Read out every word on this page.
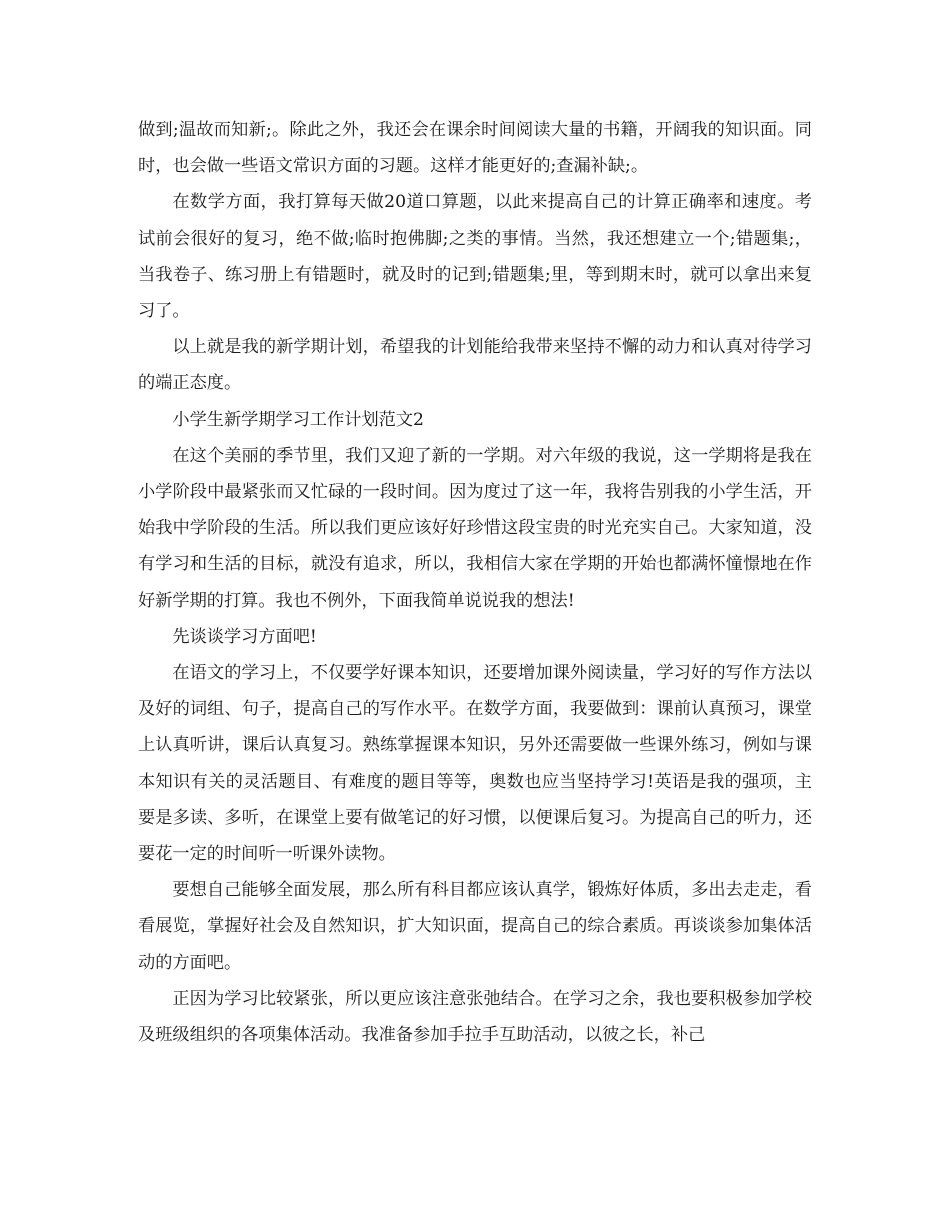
做到;温故而知新;。除此之外，我还会在课余时间阅读大量的书籍，开阔我的知识面。同时，也会做一些语文常识方面的习题。这样才能更好的;查漏补缺;。

在数学方面，我打算每天做20道口算题，以此来提高自己的计算正确率和速度。考试前会很好的复习，绝不做;临时抱佛脚;之类的事情。当然，我还想建立一个;错题集;，当我卷子、练习册上有错题时，就及时的记到;错题集;里，等到期末时，就可以拿出来复习了。

以上就是我的新学期计划，希望我的计划能给我带来坚持不懈的动力和认真对待学习的端正态度。

小学生新学期学习工作计划范文2

在这个美丽的季节里，我们又迎了新的一学期。对六年级的我说，这一学期将是我在小学阶段中最紧张而又忙碌的一段时间。因为度过了这一年，我将告别我的小学生活，开始我中学阶段的生活。所以我们更应该好好珍惜这段宝贵的时光充实自己。大家知道，没有学习和生活的目标，就没有追求，所以，我相信大家在学期的开始也都满怀憧憬地在作好新学期的打算。我也不例外，下面我简单说说我的想法!

先谈谈学习方面吧!

在语文的学习上，不仅要学好课本知识，还要增加课外阅读量，学习好的写作方法以及好的词组、句子，提高自己的写作水平。在数学方面，我要做到：课前认真预习，课堂上认真听讲，课后认真复习。熟练掌握课本知识，另外还需要做一些课外练习，例如与课本知识有关的灵活题目、有难度的题目等等，奥数也应当坚持学习!英语是我的强项，主要是多读、多听，在课堂上要有做笔记的好习惯，以便课后复习。为提高自己的听力，还要花一定的时间听一听课外读物。

要想自己能够全面发展，那么所有科目都应该认真学，锻炼好体质，多出去走走，看看展览，掌握好社会及自然知识，扩大知识面，提高自己的综合素质。再谈谈参加集体活动的方面吧。

正因为学习比较紧张，所以更应该注意张弛结合。在学习之余，我也要积极参加学校及班级组织的各项集体活动。我准备参加手拉手互助活动，以彼之长，补己
